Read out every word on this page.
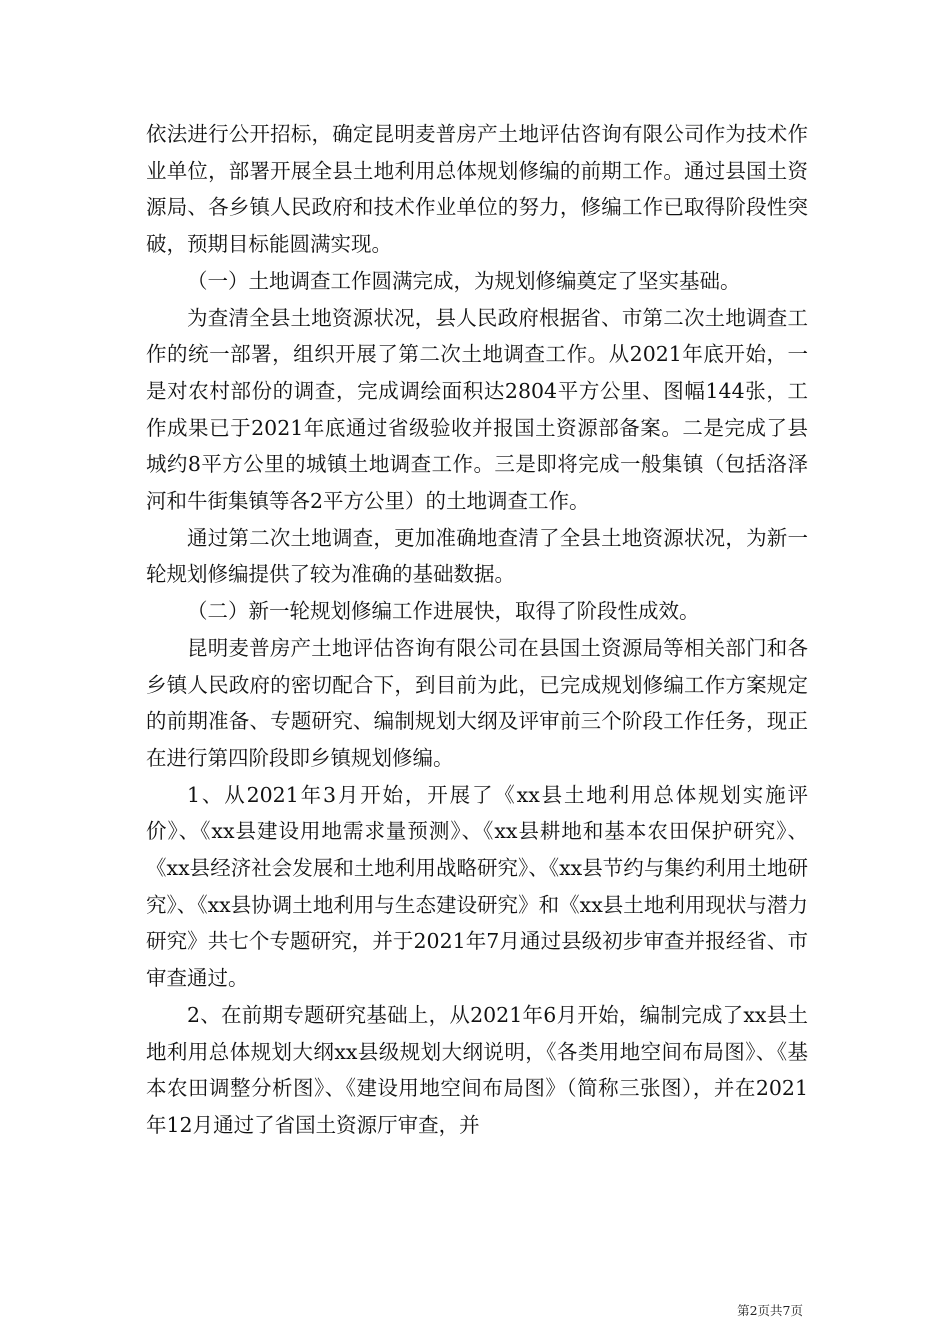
依法进行公开招标，确定昆明麦普房产土地评估咨询有限公司作为技术作业单位，部署开展全县土地利用总体规划修编的前期工作。通过县国土资源局、各乡镇人民政府和技术作业单位的努力，修编工作已取得阶段性突破，预期目标能圆满实现。

（一）土地调查工作圆满完成，为规划修编奠定了坚实基础。

为查清全县土地资源状况，县人民政府根据省、市第二次土地调查工作的统一部署，组织开展了第二次土地调查工作。从2021年底开始，一是对农村部份的调查，完成调绘面积达2804平方公里、图幅144张，工作成果已于2021年底通过省级验收并报国土资源部备案。二是完成了县城约8平方公里的城镇土地调查工作。三是即将完成一般集镇（包括洛泽河和牛街集镇等各2平方公里）的土地调查工作。

通过第二次土地调查，更加准确地查清了全县土地资源状况，为新一轮规划修编提供了较为准确的基础数据。

（二）新一轮规划修编工作进展快，取得了阶段性成效。

昆明麦普房产土地评估咨询有限公司在县国土资源局等相关部门和各乡镇人民政府的密切配合下，到目前为此，已完成规划修编工作方案规定的前期准备、专题研究、编制规划大纲及评审前三个阶段工作任务，现正在进行第四阶段即乡镇规划修编。

1、从2021年3月开始，开展了《xx县土地利用总体规划实施评价》、《xx县建设用地需求量预测》、《xx县耕地和基本农田保护研究》、《xx县经济社会发展和土地利用战略研究》、《xx县节约与集约利用土地研究》、《xx县协调土地利用与生态建设研究》和《xx县土地利用现状与潜力研究》共七个专题研究，并于2021年7月通过县级初步审查并报经省、市审查通过。

2、在前期专题研究基础上，从2021年6月开始，编制完成了xx县土地利用总体规划大纲xx县级规划大纲说明，《各类用地空间布局图》、《基本农田调整分析图》、《建设用地空间布局图》（简称三张图），并在2021年12月通过了省国土资源厅审查，并

第2页共7页
